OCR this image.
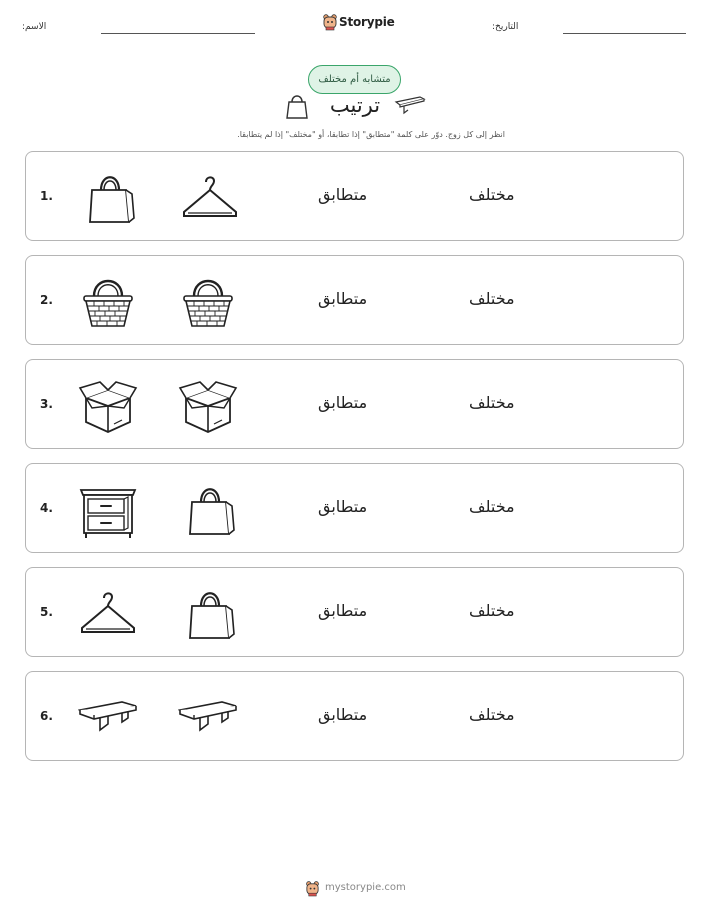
التاريخ:
الاسم:	Storypie
متشابه أم مختلف
ترتيب
انظر إلى كل زوج. دوّر على كلمة "متطابق" إذا تطابقا، أو "مختلف" إذا لم يتطابقا.
1.	متطابق	مختلف
2.	متطابق	مختلف
3.	متطابق	مختلف
4.	متطابق	مختلف
5.	متطابق	مختلف
6.	متطابق	مختلف
mystorypie.com
